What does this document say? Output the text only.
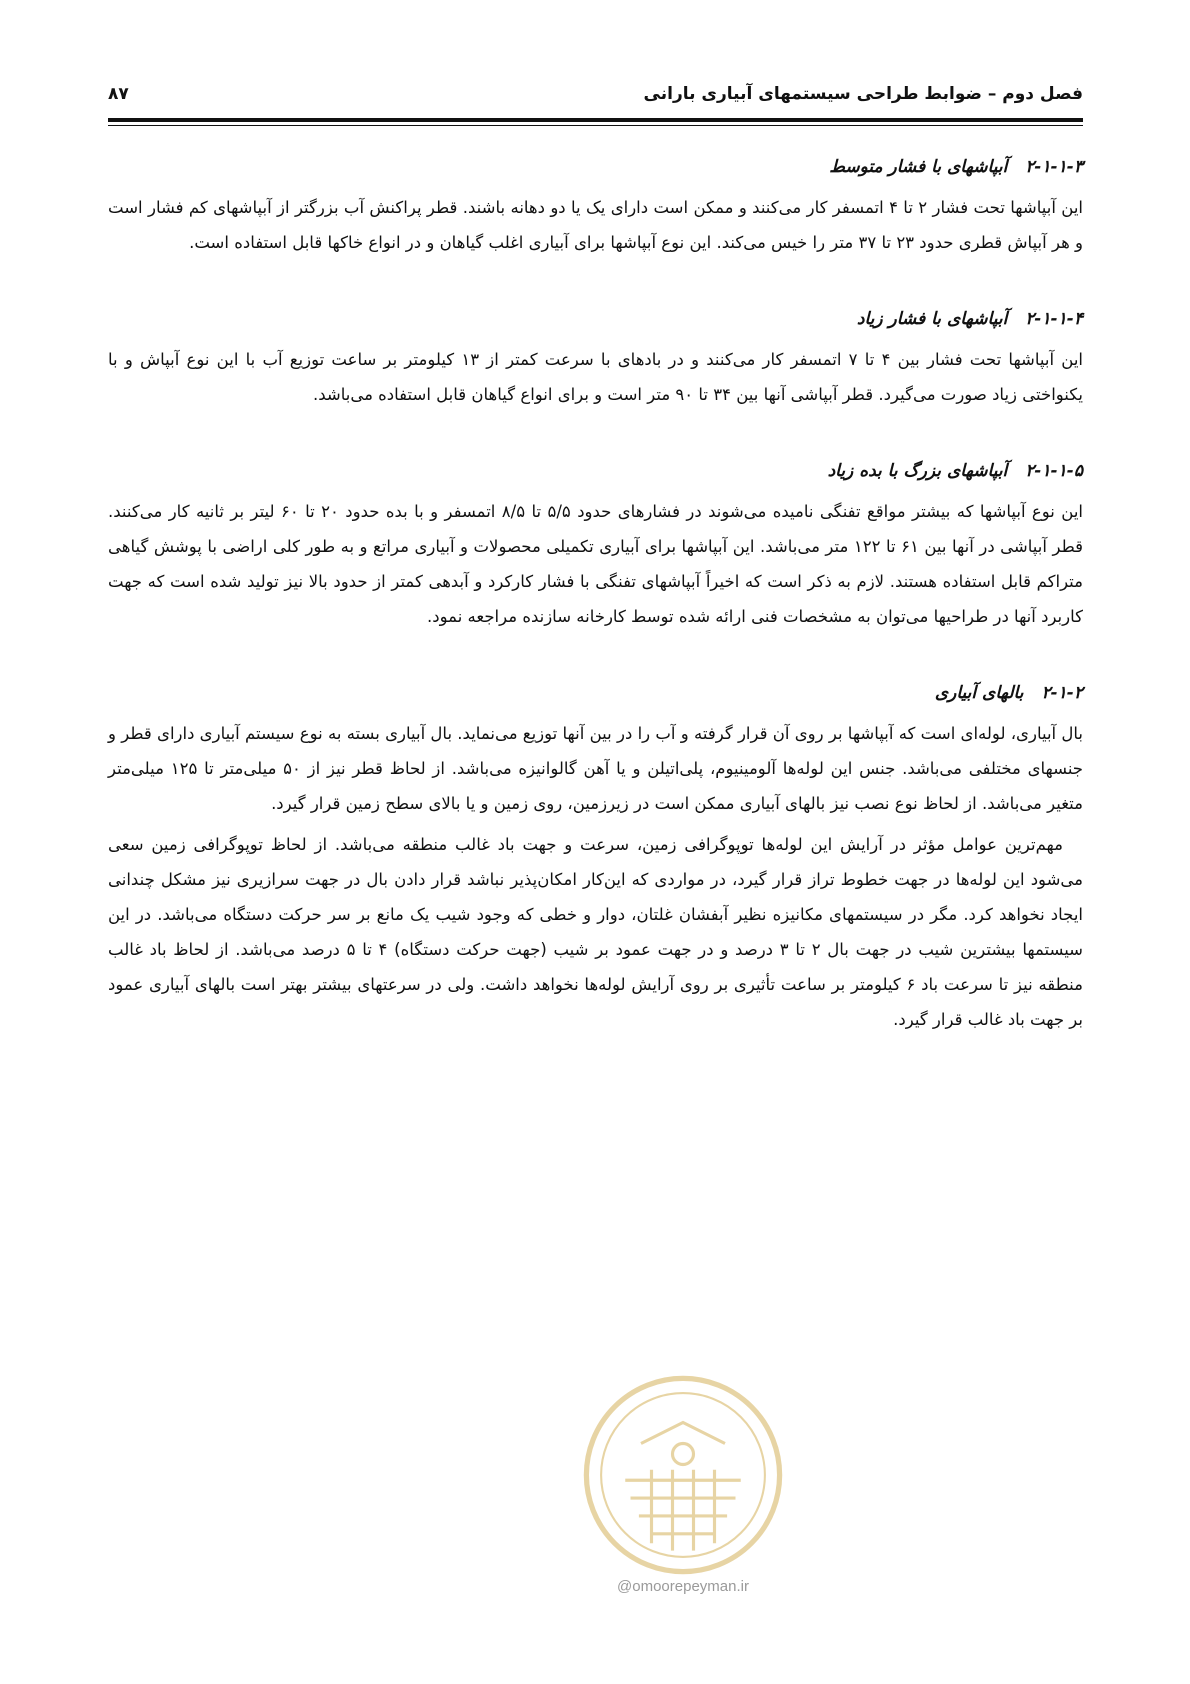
فصل دوم – ضوابط طراحی سیستمهای آبیاری بارانی
۸۷
۲-۱-۱-۳آبپاشهای با فشار متوسط

این آبپاشها تحت فشار ۲ تا ۴ اتمسفر کار می‌کنند و ممکن است دارای یک یا دو دهانه باشند. قطر پراکنش آب بزرگتر از آبپاشهای کم فشار است و هر آبپاش قطری حدود ۲۳ تا ۳۷ متر را خیس می‌کند. این نوع آبپاشها برای آبیاری اغلب گیاهان و در انواع خاکها قابل استفاده است.

۲-۱-۱-۴آبپاشهای با فشار زیاد

این آبپاشها تحت فشار بین ۴ تا ۷ اتمسفر کار می‌کنند و در بادهای با سرعت کمتر از ۱۳ کیلومتر بر ساعت توزیع آب با این نوع آبپاش و با یکنواختی زیاد صورت می‌گیرد. قطر آبپاشی آنها بین ۳۴ تا ۹۰ متر است و برای انواع گیاهان قابل استفاده می‌باشد.

۲-۱-۱-۵آبپاشهای بزرگ با بده زیاد

این نوع آبپاشها که بیشتر مواقع تفنگی نامیده می‌شوند در فشارهای حدود ۵/۵ تا ۸/۵ اتمسفر و با بده حدود ۲۰ تا ۶۰ لیتر بر ثانیه کار می‌کنند. قطر آبپاشی در آنها بین ۶۱ تا ۱۲۲ متر می‌باشد. این آبپاشها برای آبیاری تکمیلی محصولات و آبیاری مراتع و به طور کلی اراضی با پوشش گیاهی متراکم قابل استفاده هستند. لازم به ذکر است که اخیراً آبپاشهای تفنگی با فشار کارکرد و آبدهی کمتر از حدود بالا نیز تولید شده است که جهت کاربرد آنها در طراحیها می‌توان به مشخصات فنی ارائه شده توسط کارخانه سازنده مراجعه نمود.

۲-۱-۲بالهای آبیاری

بال آبیاری، لوله‌ای است که آبپاشها بر روی آن قرار گرفته و آب را در بین آنها توزیع می‌نماید. بال آبیاری بسته به نوع سیستم آبیاری دارای قطر و جنسهای مختلفی می‌باشد. جنس این لوله‌ها آلومینیوم، پلی‌اتیلن و یا آهن گالوانیزه می‌باشد. از لحاظ قطر نیز از ۵۰ میلی‌متر تا ۱۲۵ میلی‌متر متغیر می‌باشد. از لحاظ نوع نصب نیز بالهای آبیاری ممکن است در زیرزمین، روی زمین و یا بالای سطح زمین قرار گیرد.

مهم‌ترین عوامل مؤثر در آرایش این لوله‌ها توپوگرافی زمین، سرعت و جهت باد غالب منطقه می‌باشد. از لحاظ توپوگرافی زمین سعی می‌شود این لوله‌ها در جهت خطوط تراز قرار گیرد، در مواردی که این‌کار امکان‌پذیر نباشد قرار دادن بال در جهت سرازیری نیز مشکل چندانی ایجاد نخواهد کرد. مگر در سیستمهای مکانیزه نظیر آبفشان غلتان، دوار و خطی که وجود شیب یک مانع بر سر حرکت دستگاه می‌باشد. در این سیستمها بیشترین شیب در جهت بال ۲ تا ۳ درصد و در جهت عمود بر شیب (جهت حرکت دستگاه) ۴ تا ۵ درصد می‌باشد. از لحاظ باد غالب منطقه نیز تا سرعت باد ۶ کیلومتر بر ساعت تأثیری بر روی آرایش لوله‌ها نخواهد داشت. ولی در سرعتهای بیشتر بهتر است بالهای آبیاری عمود بر جهت باد غالب قرار گیرد.

@omoorepeyman.ir
